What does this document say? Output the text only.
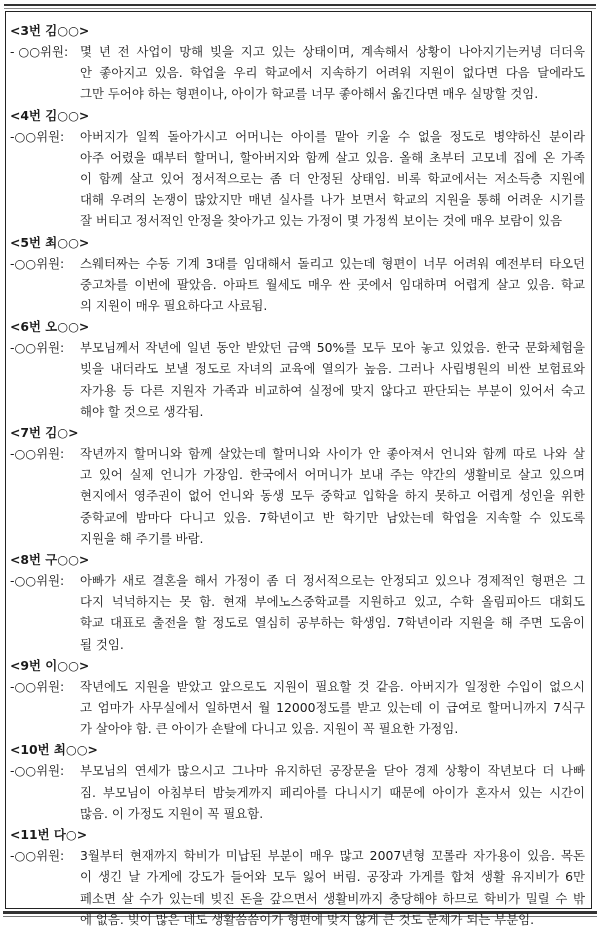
<3번 김○○>
- ○○위원: 몇 년 전 사업이 망해 빚을 지고 있는 상태이며, 계속해서 상황이 나아지기는커녕 더더욱

안 좋아지고 있음. 학업을 우리 학교에서 지속하기 어려워 지원이 없다면 다음 달에라도

그만 두어야 하는 형편이나, 아이가 학교를 너무 좋아해서 옮긴다면 매우 실망할 것임.

<4번 김○○>
-○○위원:	아버지가 일찍 돌아가시고 어머니는 아이를 맡아 키울 수 없을 정도로 병약하신 분이라

아주 어렸을 때부터 할머니, 할아버지와 함께 살고 있음. 올해 초부터 고모네 집에 온 가족

이 함께 살고 있어 정서적으로는 좀 더 안정된 상태임. 비록 학교에서는 저소득층 지원에

대해 우려의 논쟁이 많았지만 매년 실사를 나가 보면서 학교의 지원을 통해 어려운 시기를

잘 버티고 정서적인 안정을 찾아가고 있는 가정이 몇 가정씩 보이는 것에 매우 보람이 있음

<5번 최○○>
-○○위원:	스웨터짜는 수동 기계 3대를 임대해서 돌리고 있는데 형편이 너무 어려워 예전부터 타오던

중고차를 이번에 팔았음. 아파트 월세도 매우 싼 곳에서 임대하며 어렵게 살고 있음. 학교

의 지원이 매우 필요하다고 사료됨.

<6번 오○○>
-○○위원:	부모님께서 작년에 일년 동안 받았던 금액 50%를 모두 모아 놓고 있었음. 한국 문화체험을

빚을 내더라도 보낼 정도로 자녀의 교육에 열의가 높음. 그러나 사립병원의 비싼 보험료와

자가용 등 다른 지원자 가족과 비교하여 실정에 맞지 않다고 판단되는 부분이 있어서 숙고

해야 할 것으로 생각됨.

<7번 김○>
-○○위원:	작년까지 할머니와 함께 살았는데 할머니와 사이가 안 좋아져서 언니와 함께 따로 나와 살

고 있어 실제 언니가 가장임. 한국에서 어머니가 보내 주는 약간의 생활비로 살고 있으며

현지에서 영주권이 없어 언니와 동생 모두 중학교 입학을 하지 못하고 어렵게 성인을 위한

중학교에 밤마다 다니고 있음. 7학년이고 반 학기만 남았는데 학업을 지속할 수 있도록

지원을 해 주기를 바람.

<8번 구○○>
-○○위원:	아빠가 새로 결혼을 해서 가정이 좀 더 정서적으로는 안정되고 있으나 경제적인 형편은 그

다지 넉넉하지는 못 함. 현재 부에노스중학교를 지원하고 있고, 수학 올림피아드 대회도

학교 대표로 출전을 할 정도로 열심히 공부하는 학생임. 7학년이라 지원을 해 주면 도움이

될 것임.

<9번 이○○>
-○○위원:	작년에도 지원을 받았고 앞으로도 지원이 필요할 것 같음. 아버지가 일정한 수입이 없으시

고 엄마가 사무실에서 일하면서 월 12000정도를 받고 있는데 이 급여로 할머니까지 7식구

가 살아야 함. 큰 아이가 숀탈에 다니고 있음. 지원이 꼭 필요한 가정임.

<10번 최○○>
-○○위원:	부모님의 연세가 많으시고 그나마 유지하던 공장문을 닫아 경제 상황이 작년보다 더 나빠

짐. 부모님이 아침부터 밤늦게까지 페리아를 다니시기 때문에 아이가 혼자서 있는 시간이

많음. 이 가정도 지원이 꼭 필요함.

<11번 다○>
-○○위원:	3월부터 현재까지 학비가 미납된 부분이 매우 많고 2007년형 꼬롤라 자가용이 있음. 목돈

이 생긴 날 가게에 강도가 들어와 모두 잃어 버림. 공장과 가게를 합쳐 생활 유지비가 6만

페소면 살 수가 있는데 빚진 돈을 갚으면서 생활비까지 충당해야 하므로 학비가 밀릴 수 밖

에 없음. 빚이 많은 데도 생활씀씀이가 형편에 맞지 않게 큰 것도 문제가 되는 부분임.
